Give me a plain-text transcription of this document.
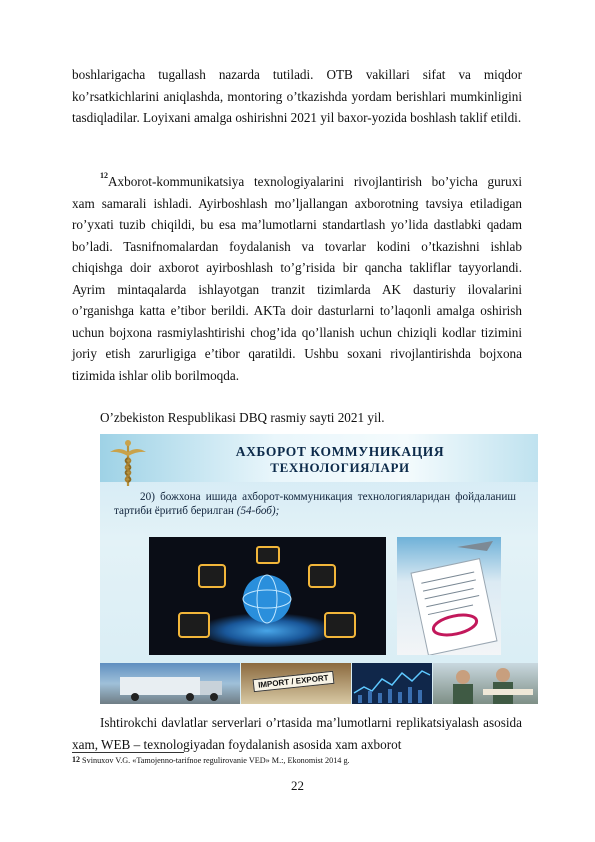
boshlarigacha tugallash nazarda tutiladi. OTB vakillari sifat va miqdor ko’rsatkichlarini aniqlashda, montoring o’tkazishda yordam berishlari mumkinligini tasdiqladilar. Loyixani amalga oshirishni 2021 yil baxor-yozida boshlash taklif etildi.

$^{12}$Axborot-kommunikatsiya texnologiyalarini rivojlantirish bo’yicha guruxi xam samarali ishladi. Ayirboshlash mo’ljallangan axborotning tavsiya etiladigan ro’yxati tuzib chiqildi, bu esa ma’lumotlarni standartlash yo’lida dastlabki qadam bo’ladi. Tasnifnomalardan foydalanish va tovarlar kodini o’tkazishni ishlab chiqishga doir axborot ayirboshlash to’g’risida bir qancha takliflar tayyorlandi. Ayrim mintaqalarda ishlayotgan tranzit tizimlarda AK dasturiy ilovalarini o’rganishga katta e’tibor berildi. AKTa doir dasturlarni to’laqonli amalga oshirish uchun bojxona rasmiylashtirishi chog’ida qo’llanish uchun chiziqli kodlar tizimini joriy etish zarurligiga e’tibor qaratildi. Ushbu soxani rivojlantirishda bojxona tizimida ishlar olib borilmoqda.

O’zbekiston Respublikasi DBQ rasmiy sayti 2021 yil.

АХБОРОТ КОММУНИКАЦИЯ

ТЕХНОЛОГИЯЛАРИ

20) божхона ишида ахборот-коммуникация технологияларидан фойдаланиш тартиби ёритиб берилган (54-боб);

IMPORT / EXPORT

Ishtirokchi davlatlar serverlari o’rtasida ma’lumotlarni replikatsiyalash asosida xam, WEB – texnologiyadan foydalanish asosida xam axborot

$^{12}$ Svinuxov V.G. «Tamojenno-tarifnoe regulirovanie VED» M.:, Ekonomist 2014 g.
22
